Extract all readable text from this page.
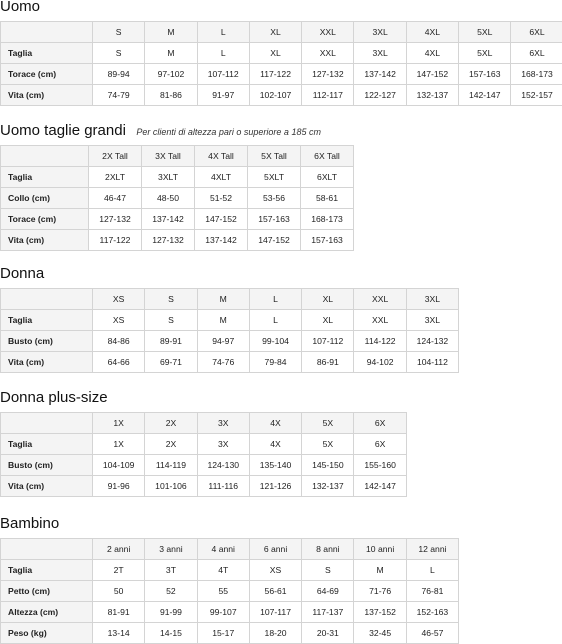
Uomo
	S	M	L	XL	XXL	3XL	4XL	5XL	6XL
Taglia	S	M	L	XL	XXL	3XL	4XL	5XL	6XL
Torace (cm)	89-94	97-102	107-112	117-122	127-132	137-142	147-152	157-163	168-173
Vita (cm)	74-79	81-86	91-97	102-107	112-117	122-127	132-137	142-147	152-157
Uomo taglie grandi Per clienti di altezza pari o superiore a 185 cm
	2X Tall	3X Tall	4X Tall	5X Tall	6X Tall
Taglia	2XLT	3XLT	4XLT	5XLT	6XLT
Collo (cm)	46-47	48-50	51-52	53-56	58-61
Torace (cm)	127-132	137-142	147-152	157-163	168-173
Vita (cm)	117-122	127-132	137-142	147-152	157-163
Donna
	XS	S	M	L	XL	XXL	3XL
Taglia	XS	S	M	L	XL	XXL	3XL
Busto (cm)	84-86	89-91	94-97	99-104	107-112	114-122	124-132
Vita (cm)	64-66	69-71	74-76	79-84	86-91	94-102	104-112
Donna plus-size
	1X	2X	3X	4X	5X	6X
Taglia	1X	2X	3X	4X	5X	6X
Busto (cm)	104-109	114-119	124-130	135-140	145-150	155-160
Vita (cm)	91-96	101-106	111-116	121-126	132-137	142-147
Bambino
	2 anni	3 anni	4 anni	6 anni	8 anni	10 anni	12 anni
Taglia	2T	3T	4T	XS	S	M	L
Petto (cm)	50	52	55	56-61	64-69	71-76	76-81
Altezza (cm)	81-91	91-99	99-107	107-117	117-137	137-152	152-163
Peso (kg)	13-14	14-15	15-17	18-20	20-31	32-45	46-57
